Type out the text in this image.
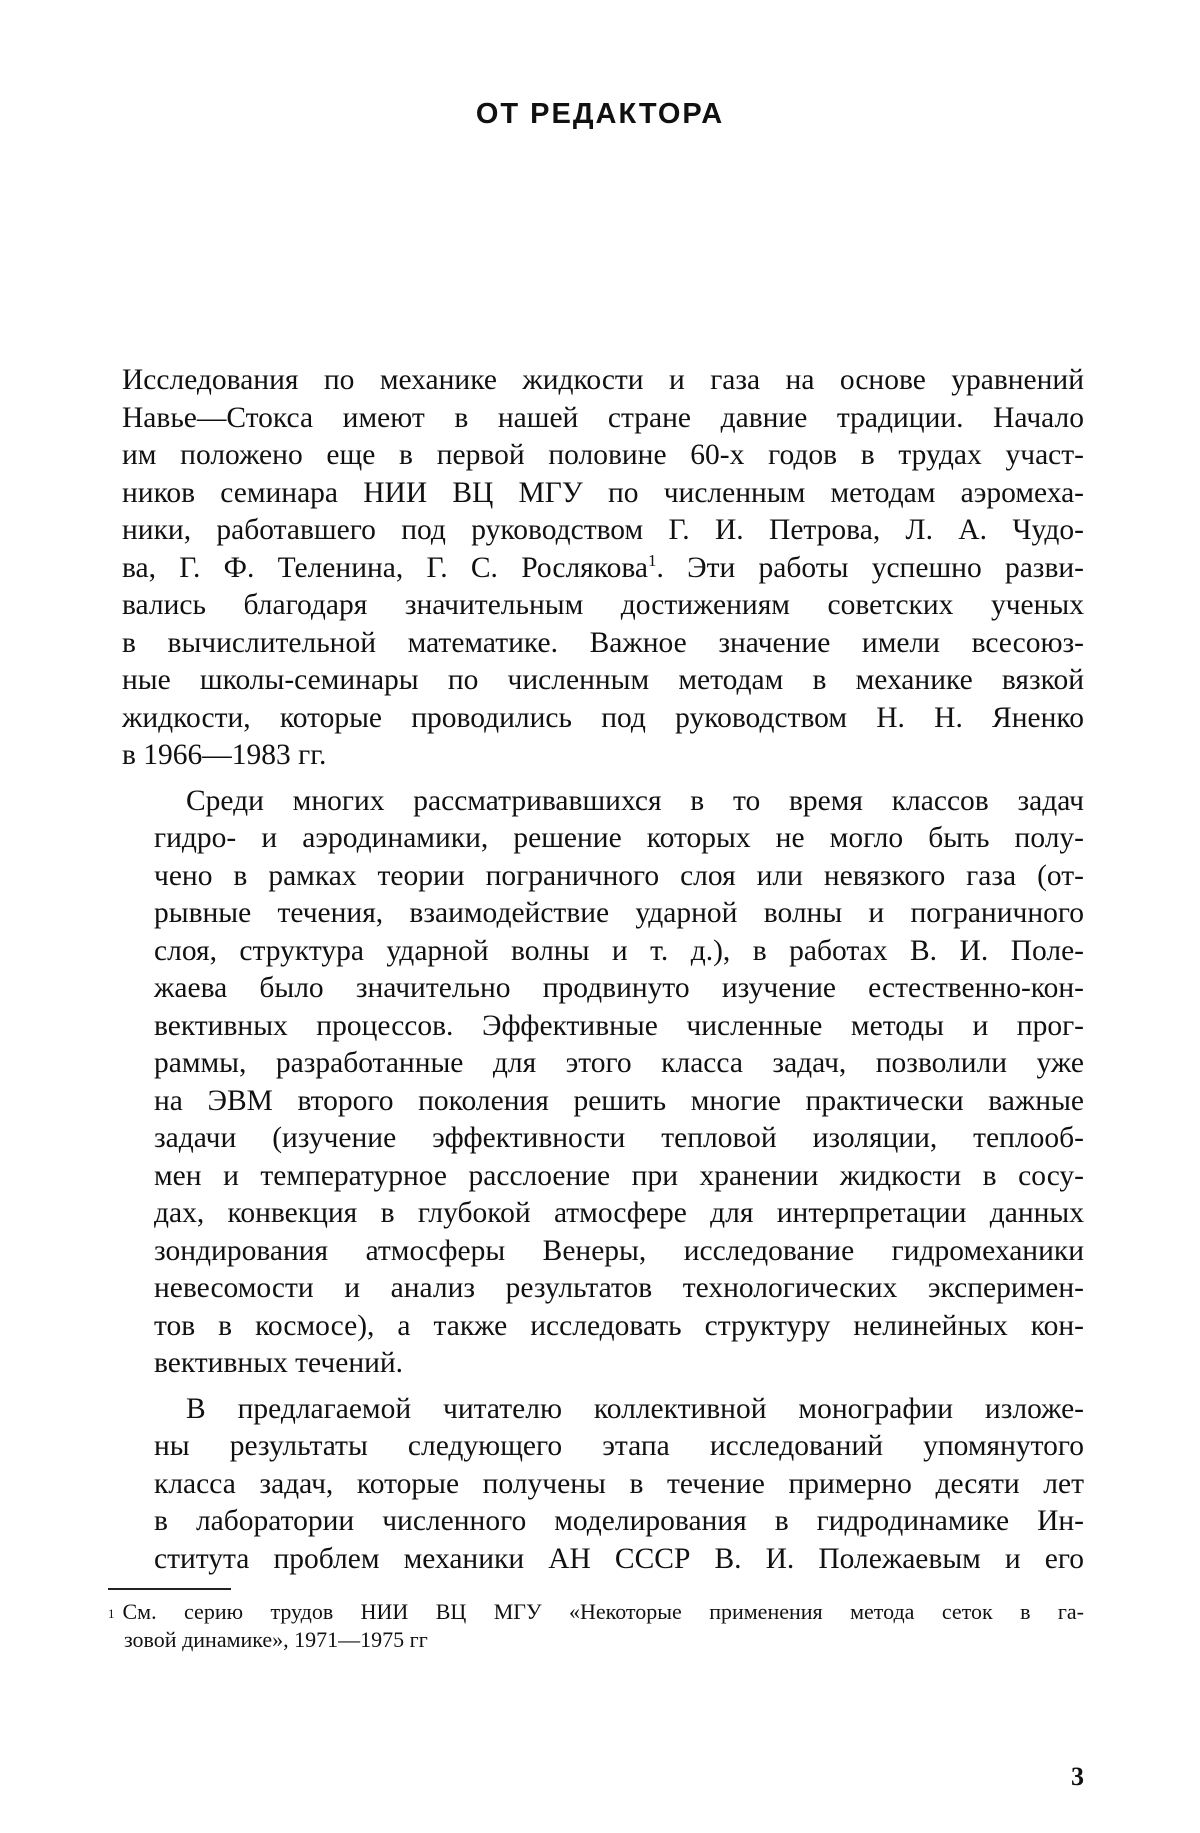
ОТ РЕДАКТОРА

Исследования по механике жидкости и газа на основе уравнений
Навье—Стокса имеют в нашей стране давние традиции. Начало
им положено еще в первой половине 60-х годов в трудах участ-
ников семинара НИИ ВЦ МГУ по численным методам аэромеха-
ники, работавшего под руководством Г. И. Петрова, Л. А. Чудо-
ва, Г. Ф. Теленина, Г. С. Рослякова$^1$. Эти работы успешно разви-
вались благодаря значительным достижениям советских ученых
в вычислительной математике. Важное значение имели всесоюз-
ные школы-семинары по численным методам в механике вязкой
жидкости, которые проводились под руководством Н. Н. Яненко
в 1966—1983 гг.

Среди многих рассматривавшихся в то время классов задач
гидро- и аэродинамики, решение которых не могло быть полу-
чено в рамках теории пограничного слоя или невязкого газа (от-
рывные течения, взаимодействие ударной волны и пограничного
слоя, структура ударной волны и т. д.), в работах В. И. Поле-
жаева было значительно продвинуто изучение естественно-кон-
вективных процессов. Эффективные численные методы и прог-
раммы, разработанные для этого класса задач, позволили уже
на ЭВМ второго поколения решить многие практически важные
задачи (изучение эффективности тепловой изоляции, теплооб-
мен и температурное расслоение при хранении жидкости в сосу-
дах, конвекция в глубокой атмосфере для интерпретации данных
зондирования атмосферы Венеры, исследование гидромеханики
невесомости и анализ результатов технологических эксперимен-
тов в космосе), а также исследовать структуру нелинейных кон-
вективных течений.

В предлагаемой читателю коллективной монографии изложе-
ны результаты следующего этапа исследований упомянутого
класса задач, которые получены в течение примерно десяти лет
в лаборатории численного моделирования в гидродинамике Ин-
ститута проблем механики АН СССР В. И. Полежаевым и его

$^1$ См. серию трудов НИИ ВЦ МГУ «Некоторые применения метода сеток в га-
зовой динамике», 1971—1975 гг

3
